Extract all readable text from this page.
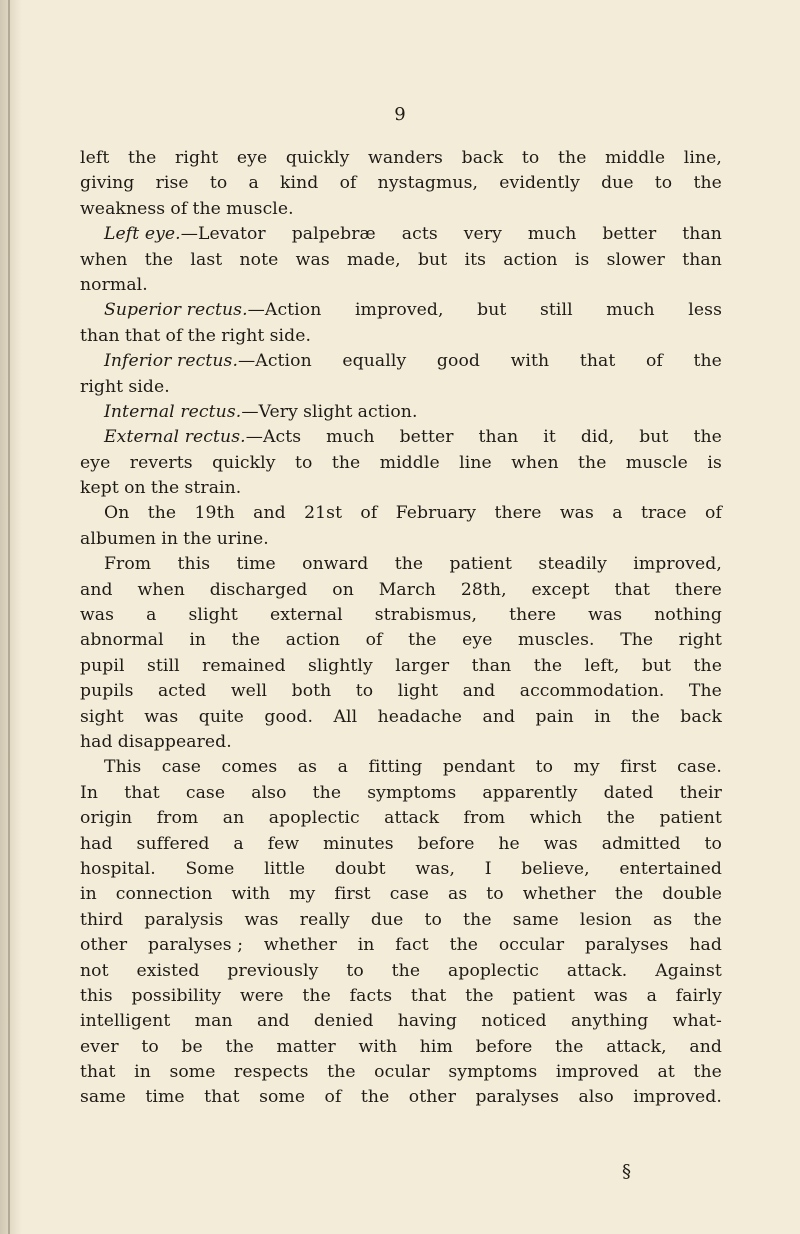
9
left the right eye quickly wanders back to the middle line,
giving rise to a kind of nystagmus, evidently due to the
weakness of the muscle.
Left eye.—Levator palpebræ acts very much better than
when the last note was made, but its action is slower than
normal.
Superior rectus.—Action improved, but still much less
than that of the right side.
Inferior rectus.—Action equally good with that of the
right side.
Internal rectus. —Very slight action.
External rectus.—Acts much better than it did, but the
eye reverts quickly to the middle line when the muscle is
kept on the strain.
On the 19th and 21st of February there was a trace of
albumen in the urine.
From this time onward the patient steadily improved,
and when discharged on March 28th, except that there
was a slight external strabismus, there was nothing
abnormal in the action of the eye muscles. The right
pupil still remained slightly larger than the left, but the
pupils acted well both to light and accommodation. The
sight was quite good. All headache and pain in the back
had disappeared.
This case comes as a fitting pendant to my first case.
In that case also the symptoms apparently dated their
origin from an apoplectic attack from which the patient
had suffered a few minutes before he was admitted to
hospital. Some little doubt was, I believe, entertained
in connection with my first case as to whether the double
third paralysis was really due to the same lesion as the
other paralyses ; whether in fact the occular paralyses had
not existed previously to the apoplectic attack. Against
this possibility were the facts that the patient was a fairly
intelligent man and denied having noticed anything what-
ever to be the matter with him before the attack, and
that in some respects the ocular symptoms improved at the
same time that some of the other paralyses also improved.
§
